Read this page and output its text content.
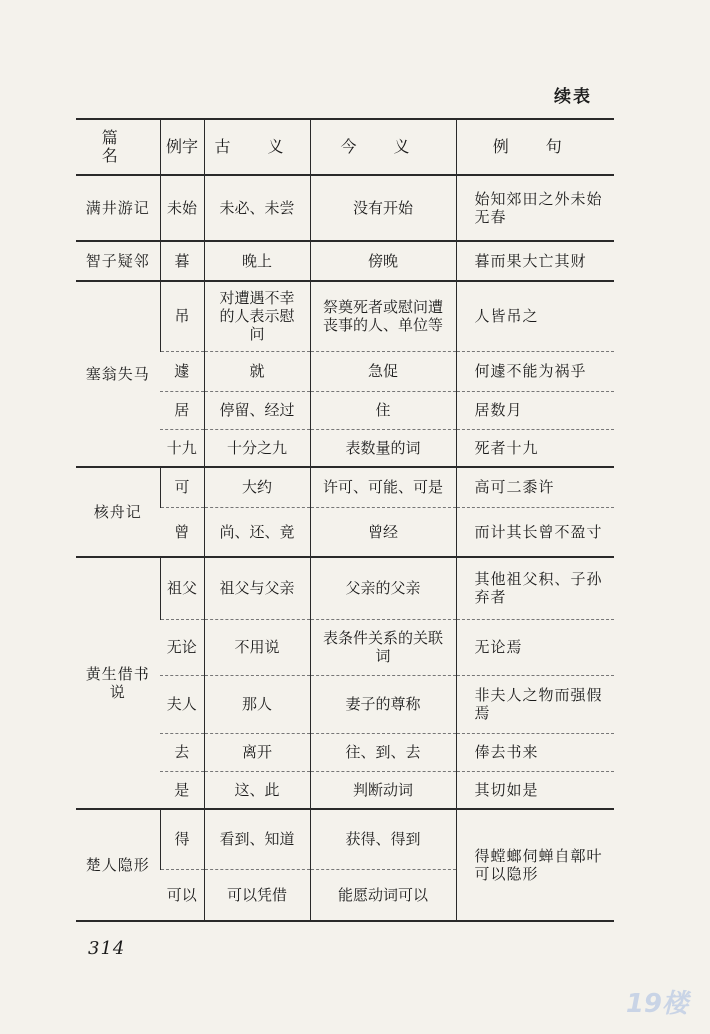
续表
篇 名	例字	古 义	今 义	例 句
满井游记	未始	未必、未尝	没有开始	始知郊田之外未始无春
智子疑邻	暮	晚上	傍晚	暮而果大亡其财
塞翁失马	吊	对遭遇不幸的人表示慰问	祭奠死者或慰问遭丧事的人、单位等	人皆吊之
	遽	就	急促	何遽不能为祸乎
	居	停留、经过	住	居数月
	十九	十分之九	表数量的词	死者十九
核舟记	可	大约	许可、可能、可是	高可二黍许
	曾	尚、还、竟	曾经	而计其长曾不盈寸
黄生借书说	祖父	祖父与父亲	父亲的父亲	其他祖父积、子孙弃者
	无论	不用说	表条件关系的关联词	无论焉
	夫人	那人	妻子的尊称	非夫人之物而强假焉
	去	离开	往、到、去	俸去书来
	是	这、此	判断动词	其切如是
楚人隐形	得	看到、知道	获得、得到	得螳螂伺蝉自鄣叶可以隐形
	可以	可以凭借	能愿动词可以	
314
19楼
